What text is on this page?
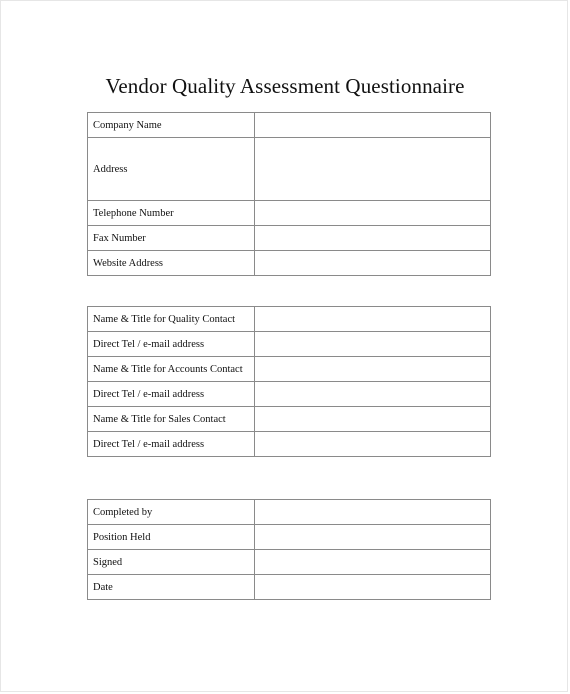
Vendor Quality Assessment Questionnaire
Company Name	
Address	
Telephone Number	
Fax Number	
Website Address	
Name & Title for Quality Contact	
Direct Tel / e-mail address	
Name & Title for Accounts Contact	
Direct Tel / e-mail address	
Name & Title for Sales Contact	
Direct Tel / e-mail address	
Completed by	
Position Held	
Signed	
Date	
